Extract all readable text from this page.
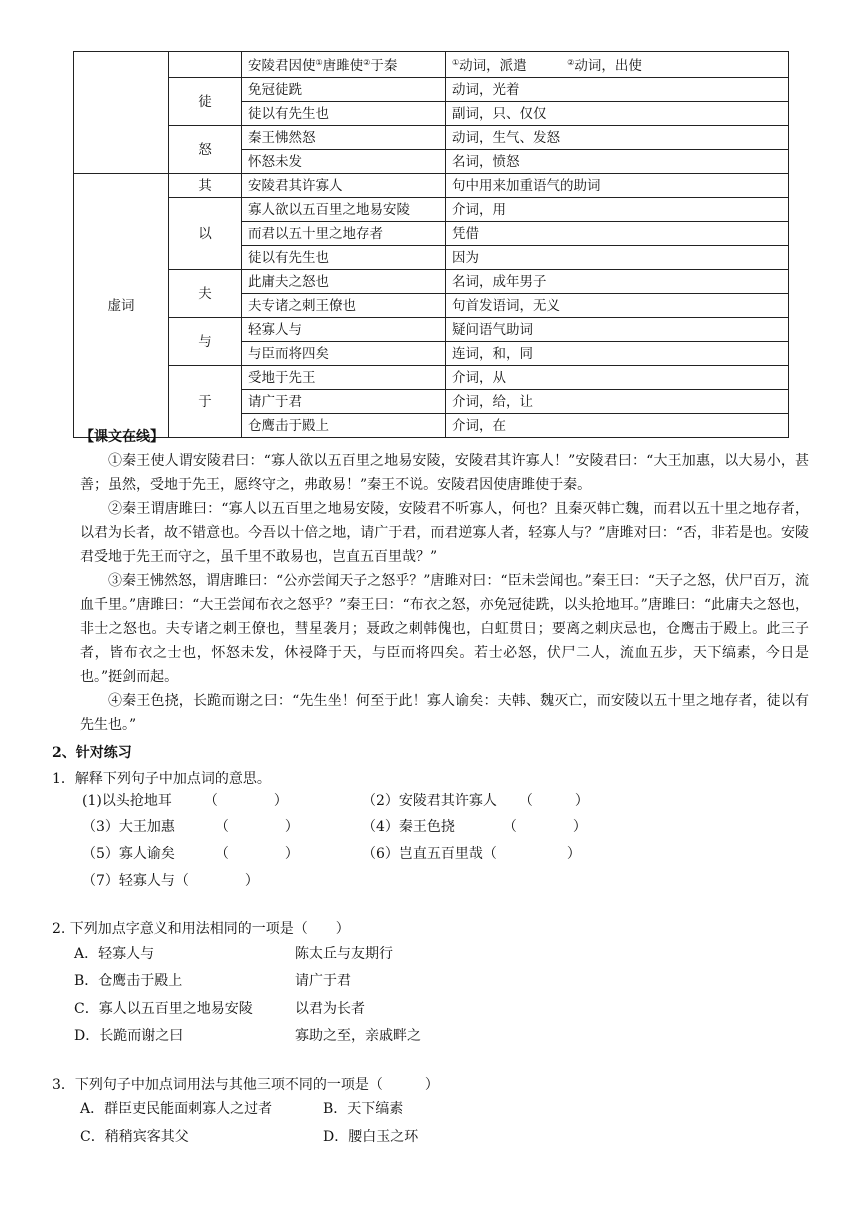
		安陵君因使①唐雎使②于秦	①动词，派遣　　　②动词，出使
	徒	免冠徒跣	动词，光着
		徒以有先生也	副词，只、仅仅
	怒	秦王怫然怒	动词，生气、发怒
		怀怒未发	名词，愤怒
虚词	其	安陵君其许寡人	句中用来加重语气的助词
	以	寡人欲以五百里之地易安陵	介词，用
		而君以五十里之地存者	凭借
		徒以有先生也	因为
	夫	此庸夫之怒也	名词，成年男子
		夫专诸之刺王僚也	句首发语词，无义
	与	轻寡人与	疑问语气助词
		与臣而将四矣	连词，和，同
	于	受地于先王	介词，从
		请广于君	介词，给，让
		仓鹰击于殿上	介词，在
【课文在线】

①秦王使人谓安陵君曰：“寡人欲以五百里之地易安陵，安陵君其许寡人！”安陵君曰：“大王加惠，以大易小，甚善；虽然，受地于先王，愿终守之，弗敢易！”秦王不说。安陵君因使唐雎使于秦。

②秦王谓唐雎曰：“寡人以五百里之地易安陵，安陵君不听寡人，何也？且秦灭韩亡魏，而君以五十里之地存者，以君为长者，故不错意也。今吾以十倍之地，请广于君，而君逆寡人者，轻寡人与？”唐雎对曰：“否，非若是也。安陵君受地于先王而守之，虽千里不敢易也，岂直五百里哉？”

③秦王怫然怒，谓唐雎曰：“公亦尝闻天子之怒乎？”唐雎对曰：“臣未尝闻也。”秦王曰：“天子之怒，伏尸百万，流血千里。”唐雎曰：“大王尝闻布衣之怒乎？”秦王曰：“布衣之怒，亦免冠徒跣，以头抢地耳。”唐雎曰：“此庸夫之怒也，非士之怒也。夫专诸之刺王僚也，彗星袭月；聂政之刺韩傀也，白虹贯日；要离之刺庆忌也，仓鹰击于殿上。此三子者，皆布衣之士也，怀怒未发，休祲降于天，与臣而将四矣。若士必怒，伏尸二人，流血五步，天下缟素，今日是也。”挺剑而起。

④秦王色挠，长跪而谢之曰：“先生坐！何至于此！寡人谕矣：夫韩、魏灭亡，而安陵以五十里之地存者，徒以有先生也。”

2、针对练习
1．解释下列句子中加点词的意思。
(1)以头抢地耳 （　　　　）	（2）安陵君其许寡人 （　　　）
（3）大王加惠	（　　　　）	（4）秦王色挠	（　　　　）
（5）寡人谕矣	（　　　　）	（6）岂直五百里哉（　　　　　）
（7）轻寡人与（　　　　）
2. 下列加点字意义和用法相同的一项是（　　）
A．轻寡人与	陈太丘与友期行
B．仓鹰击于殿上	请广于君
C．寡人以五百里之地易安陵	以君为长者
D．长跪而谢之曰	寡助之至，亲戚畔之
3．下列句子中加点词用法与其他三项不同的一项是（　　　）
A．群臣吏民能面刺寡人之过者	B．天下缟素
C．稍稍宾客其父	D．腰白玉之环
